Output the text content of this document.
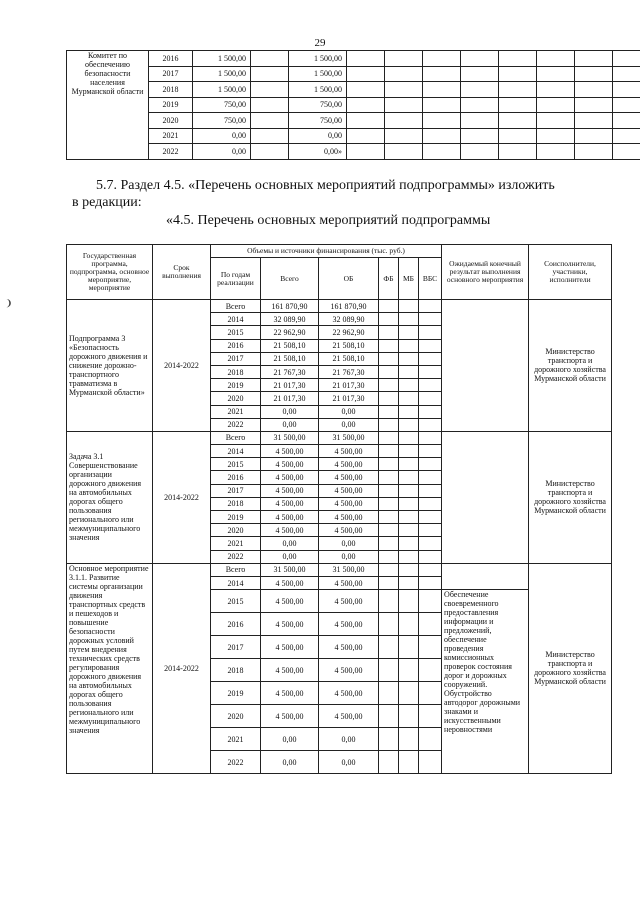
29
Комитет по обеспечению безопасности населения Мурманской области	2016	1 500,00		1 500,00								
	2017	1 500,00		1 500,00								
	2018	1 500,00		1 500,00								
	2019	750,00		750,00								
	2020	750,00		750,00								
	2021	0,00		0,00								
	2022	0,00		0,00»								
5.7. Раздел 4.5. «Перечень основных мероприятий подпрограммы» изложить
в редакции:
«4.5. Перечень основных мероприятий подпрограммы
Государственная программа, подпрограмма, основное мероприятие, мероприятие	Срок выполнения	Объемы и источники финансирования (тыс. руб.)						Ожидаемый конечный результат выполнения основного мероприятия	Соисполнители, участники, исполнители
		По годам реализации	Всего	ОБ	ФБ	МБ	ВБС		
Подпрограмма 3 «Безопасность дорожного движения и снижение дорожно-транспортного травматизма в Мурманской области»	2014-2022	Всего	161 870,90	161 870,90					Министерство транспорта и дорожного хозяйства Мурманской области
		2014	32 089,90	32 089,90					
		2015	22 962,90	22 962,90					
		2016	21 508,10	21 508,10					
		2017	21 508,10	21 508,10					
		2018	21 767,30	21 767,30					
		2019	21 017,30	21 017,30					
		2020	21 017,30	21 017,30					
		2021	0,00	0,00					
		2022	0,00	0,00					
Задача 3.1 Совершенствование организации дорожного движения на автомобильных дорогах общего пользования регионального или межмуниципального значения	2014-2022	Всего	31 500,00	31 500,00					Министерство транспорта и дорожного хозяйства Мурманской области
		2014	4 500,00	4 500,00					
		2015	4 500,00	4 500,00					
		2016	4 500,00	4 500,00					
		2017	4 500,00	4 500,00					
		2018	4 500,00	4 500,00					
		2019	4 500,00	4 500,00					
		2020	4 500,00	4 500,00					
		2021	0,00	0,00					
		2022	0,00	0,00					
Основное мероприятие 3.1.1. Развитие системы организации движения транспортных средств и пешеходов и повышение безопасности дорожных условий путем внедрения технических средств регулирования дорожного движения на автомобильных дорогах общего пользования регионального или межмуниципального значения	2014-2022	Всего	31 500,00	31 500,00					Министерство транспорта и дорожного хозяйства Мурманской области
		2014	4 500,00	4 500,00					
		2015	4 500,00	4 500,00				Обеспечение своевременного предоставления информации и предложений, обеспечение проведения комиссионных проверок состояния дорог и дорожных сооружений. Обустройство автодорог дорожными знаками и искусственными неровностями	
		2016	4 500,00	4 500,00					
		2017	4 500,00	4 500,00					
		2018	4 500,00	4 500,00					
		2019	4 500,00	4 500,00					
		2020	4 500,00	4 500,00					
		2021	0,00	0,00					
		2022	0,00	0,00					
❩
